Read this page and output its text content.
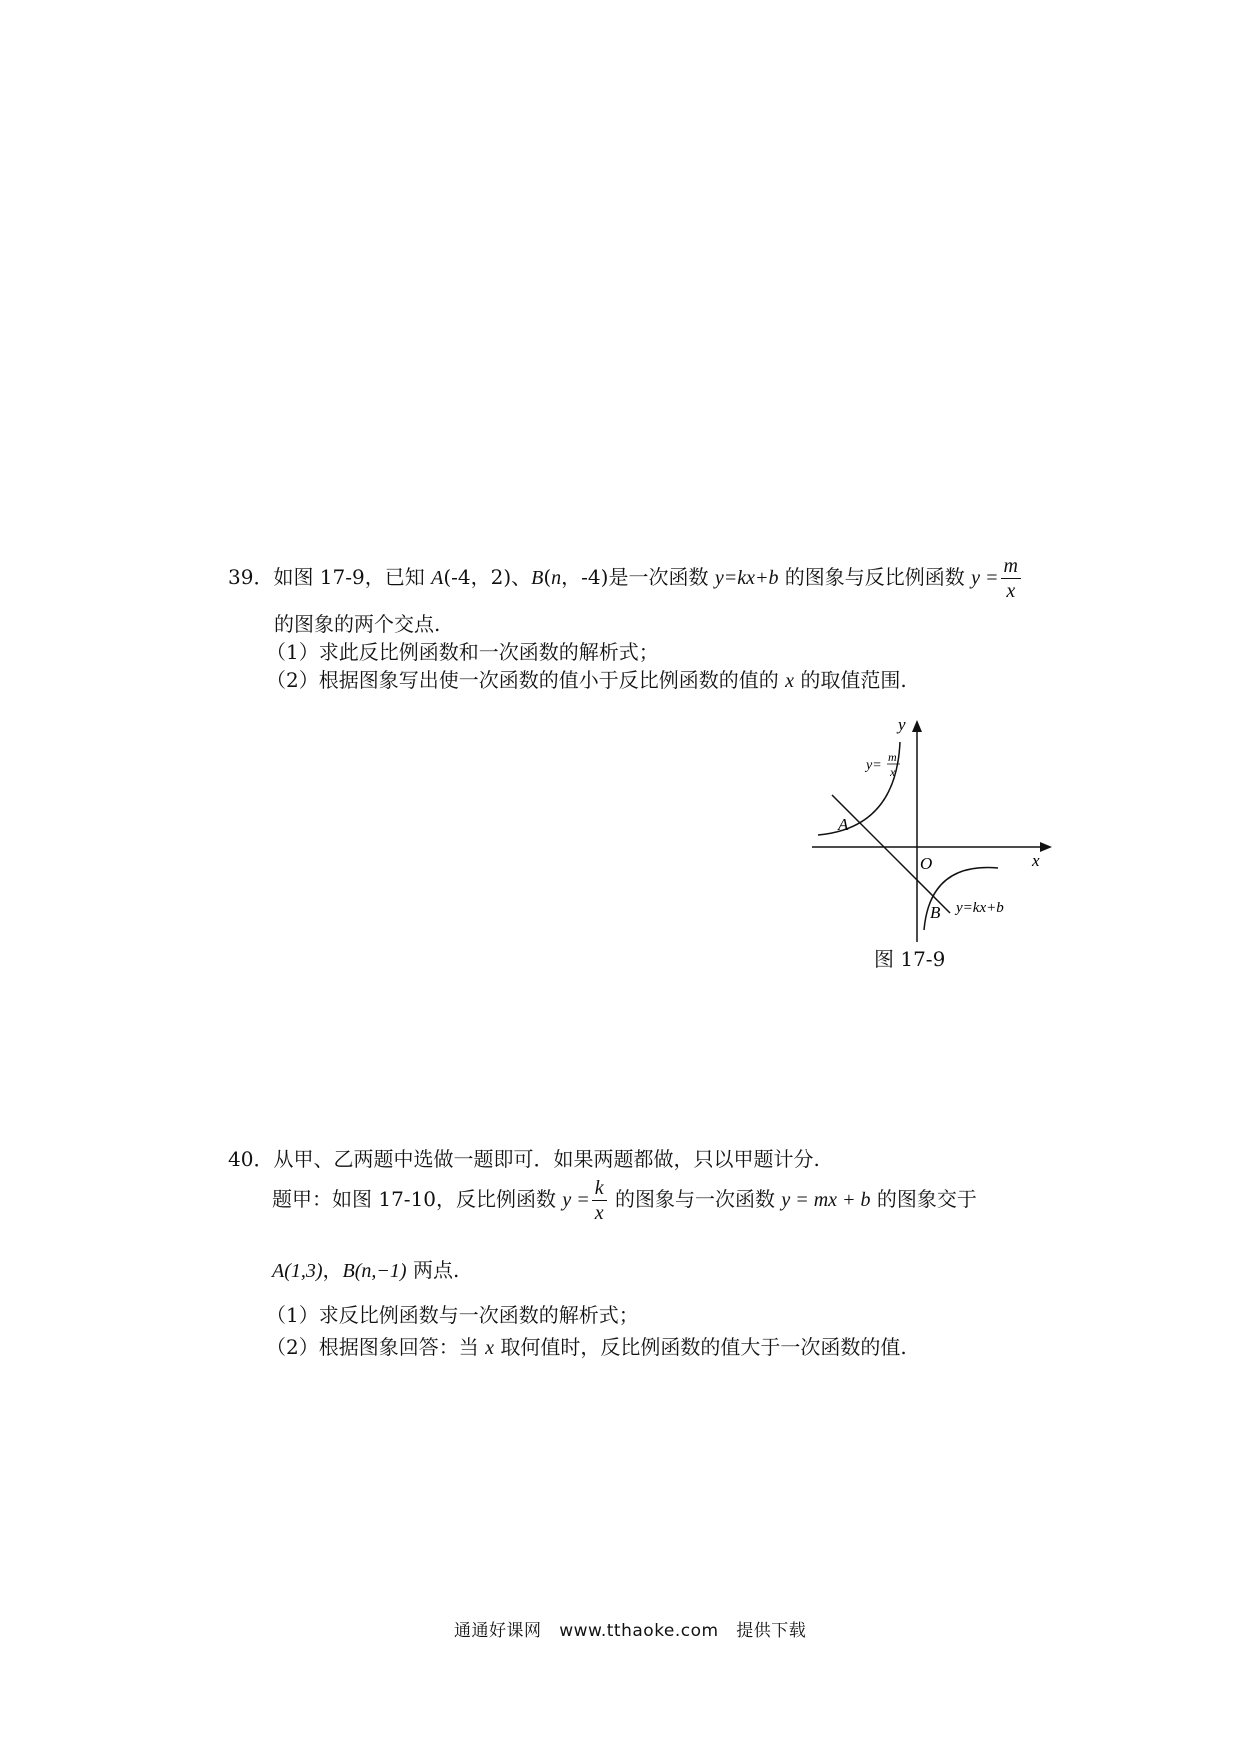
39．如图 17-9，已知 A(-4，2)、B(n，-4)是一次函数 y=kx+b 的图象与反比例函数 $y = \frac{m}{x}$
的图象的两个交点.
（1）求此反比例函数和一次函数的解析式；
（2）根据图象写出使一次函数的值小于反比例函数的值的 x 的取值范围.
y
x
O
A
B
y=
m
x
y=kx+b
图 17-9
40．从甲、乙两题中选做一题即可．如果两题都做，只以甲题计分.
题甲：如图 17-10，反比例函数 $y = \frac{k}{x}$ 的图象与一次函数 y = mx + b 的图象交于
A(1,3)，B(n,−1) 两点.
（1）求反比例函数与一次函数的解析式；
（2）根据图象回答：当 x 取何值时，反比例函数的值大于一次函数的值.
通通好课网   www.tthaoke.com   提供下载
